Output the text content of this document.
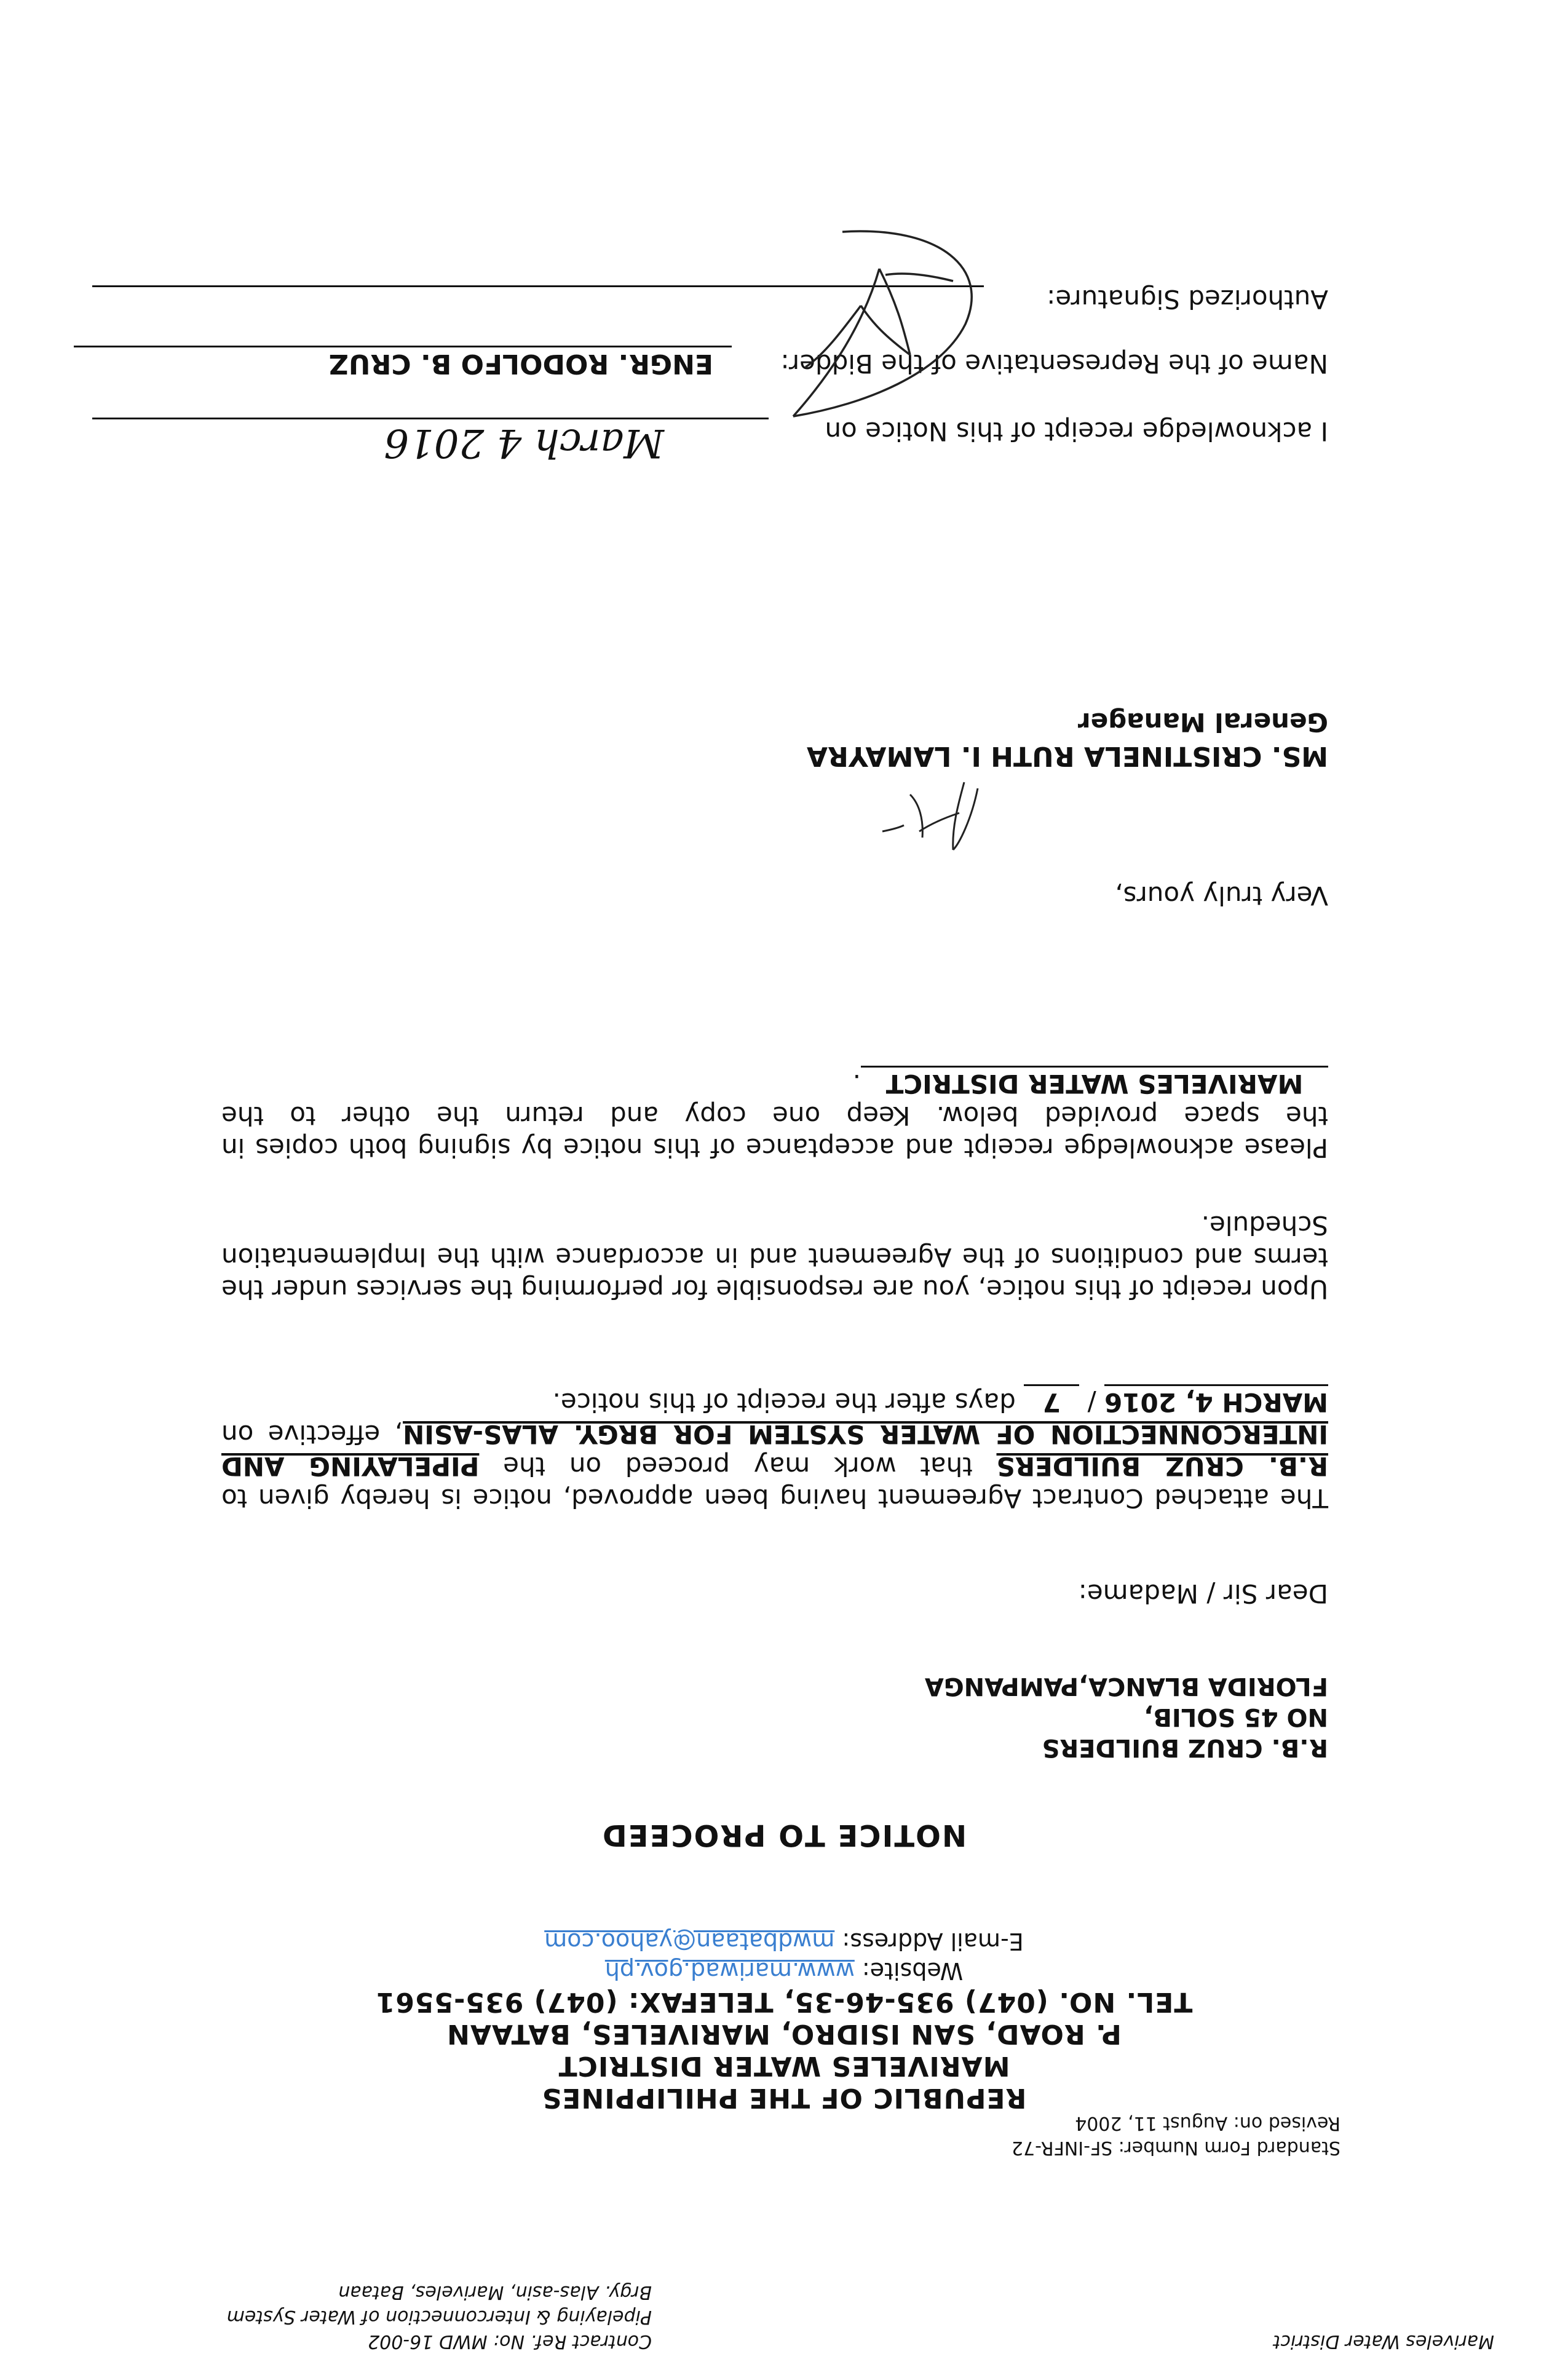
Mariveles Water District
Contract Ref. No: MWD 16-002
Pipelaying & Interconnection of Water System
Brgy. Alas-asin, Mariveles, Bataan
Standard Form Number: SF-INFR-72
Revised on: August 11, 2004
REPUBLIC OF THE PHILIPPINES
MARIVELES WATER DISTRICT
P. ROAD, SAN ISIDRO, MARIVELES, BATAAN
TEL. NO. (047) 935-46-35, TELEFAX: (047) 935-5561
Website: www.mariwad.gov.ph
E-mail Address: mwdbataan@yahoo.com
NOTICE TO PROCEED
R.B. CRUZ BUILDERS
NO 45 SOLIB,
FLORIDA BLANCA,PAMPANGA
Dear Sir / Madame:
The attached Contract Agreement having been approved, notice is hereby given to R.B. CRUZ BUILDERS that work may proceed on the PIPELAYING AND INTERCONNECTION OF WATER SYSTEM FOR BRGY. ALAS-ASIN, effective on MARCH 4, 2016 / 7 days after the receipt of this notice.
Upon receipt of this notice, you are responsible for performing the services under the terms and conditions of the Agreement and in accordance with the Implementation Schedule.
Please acknowledge receipt and acceptance of this notice by signing both copies in the space provided below. Keep one copy and return the other to the MARIVELES WATER DISTRICT.
Very truly yours,
MS. CRISTINELA RUTH I. LAMAYRA
General Manager
I acknowledge receipt of this Notice on
March 4 2016
Name of the Representative of the Bidder:
ENGR. RODOLFO B. CRUZ
Authorized Signature:
